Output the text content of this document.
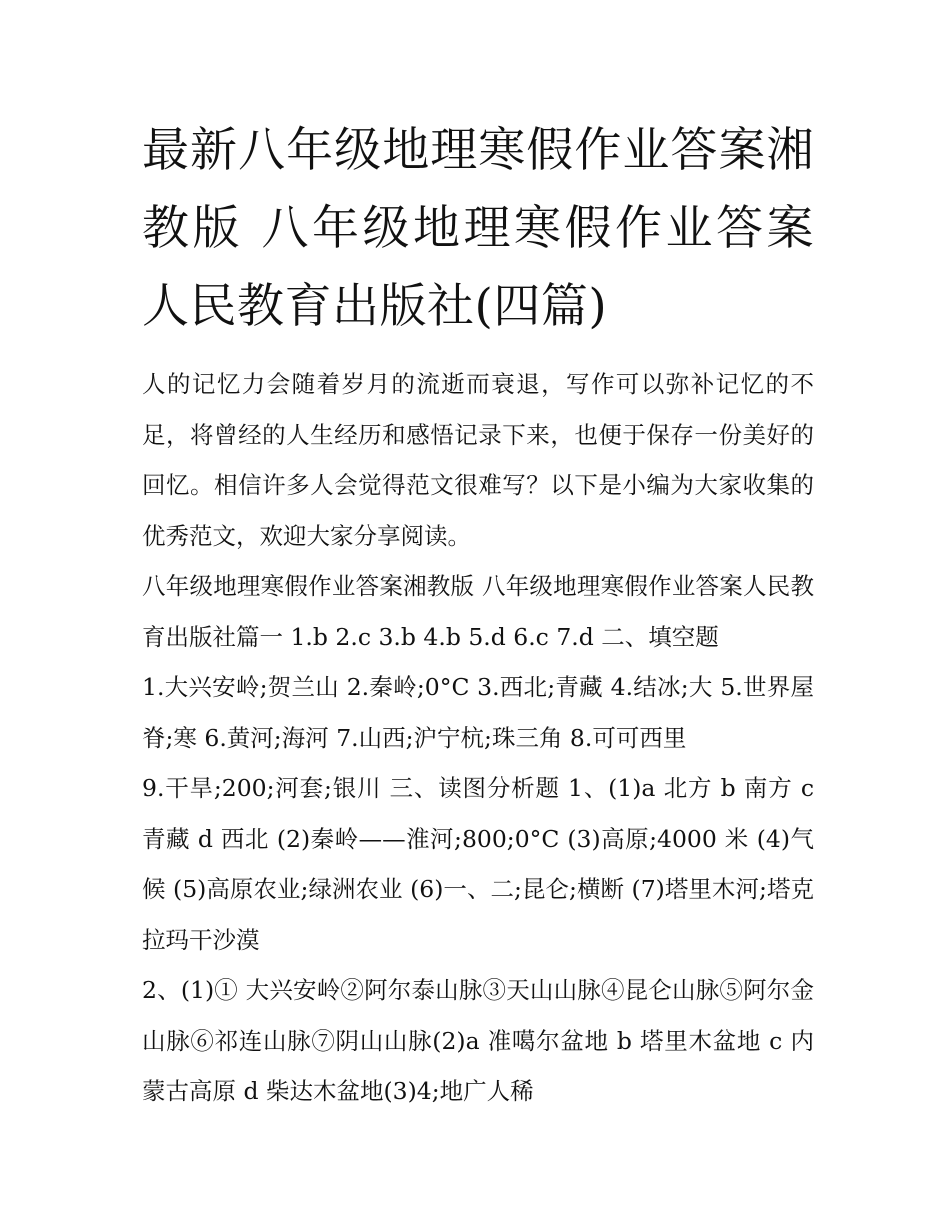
最新八年级地理寒假作业答案湘教版 八年级地理寒假作业答案人民教育出版社(四篇)

人的记忆力会随着岁月的流逝而衰退，写作可以弥补记忆的不足，将曾经的人生经历和感悟记录下来，也便于保存一份美好的回忆。相信许多人会觉得范文很难写？以下是小编为大家收集的优秀范文，欢迎大家分享阅读。

八年级地理寒假作业答案湘教版 八年级地理寒假作业答案人民教育出版社篇一 1.b 2.c 3.b 4.b 5.d 6.c 7.d 二、填空题

1.大兴安岭;贺兰山 2.秦岭;0°C 3.西北;青藏 4.结冰;大 5.世界屋脊;寒 6.黄河;海河 7.山西;沪宁杭;珠三角 8.可可西里

9.干旱;200;河套;银川 三、读图分析题 1、(1)a 北方 b 南方 c 青藏 d 西北 (2)秦岭——淮河;800;0°C (3)高原;4000 米 (4)气候 (5)高原农业;绿洲农业 (6)一、二;昆仑;横断 (7)塔里木河;塔克拉玛干沙漠

2、(1)① 大兴安岭②阿尔泰山脉③天山山脉④昆仑山脉⑤阿尔金山脉⑥祁连山脉⑦阴山山脉(2)a 准噶尔盆地 b 塔里木盆地 c 内蒙古高原 d 柴达木盆地(3)4;地广人稀
